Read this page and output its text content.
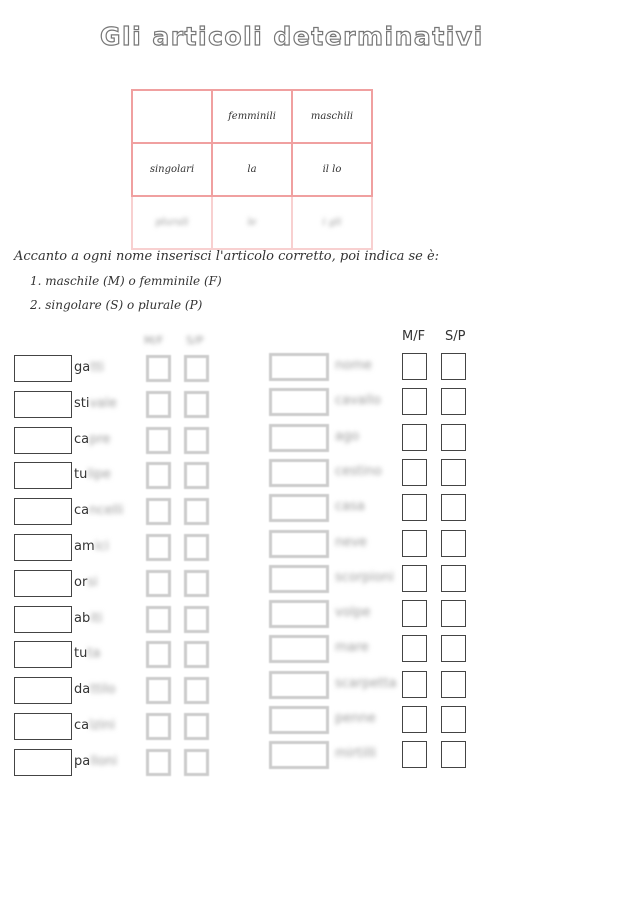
Gli articoli determinativi
	femminili	maschili
singolari	la	il lo
plurali	le	i gli
Accanto a ogni nome inserisci l'articolo corretto, poi indica se è:
1. maschile (M) o femminile (F)
2. singolare (S) o plurale (P)
M/F S/P	M/F S/P
gatti
stivale
capre
tulipe
cancelli
amici
orsi
abiti
tuta
dattilo
calzini
palloni
nome
cavallo
ago
cestino
casa
neve
scorpioni
volpe
mare
scarpetta
penne
mirtilli
